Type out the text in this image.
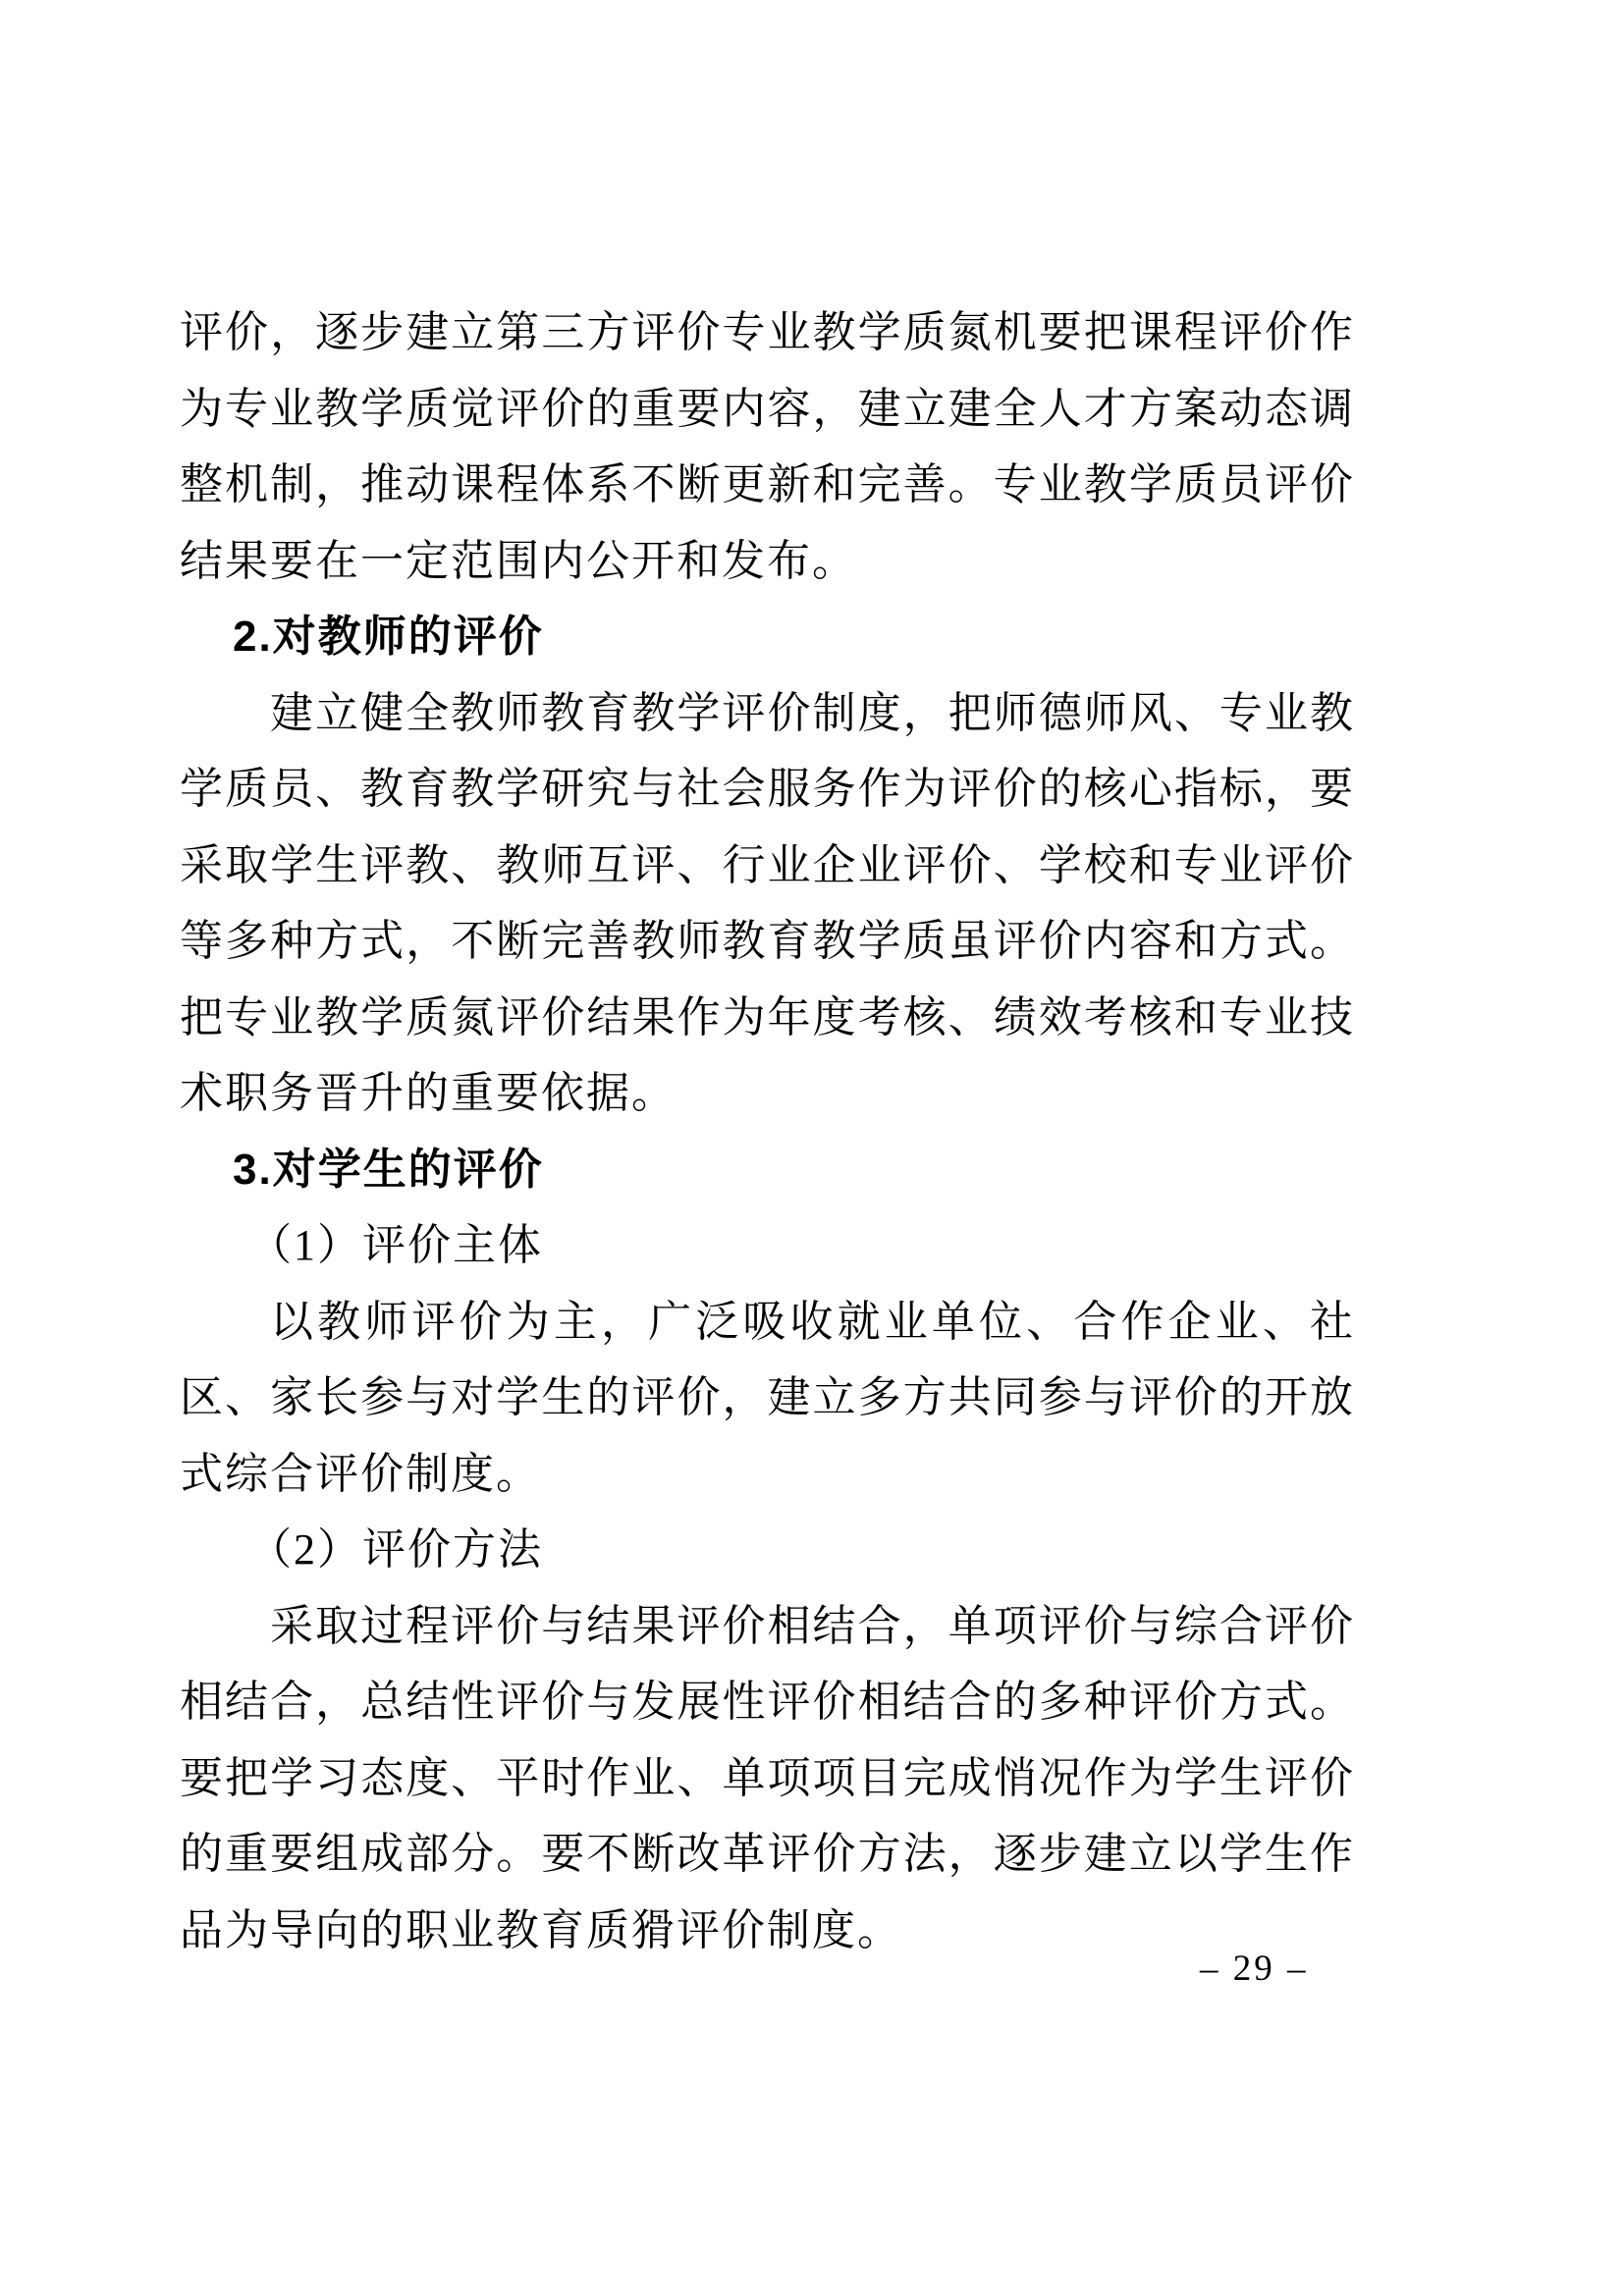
评价，逐步建立第三方评价专业教学质氮机要把课程评价作为专业教学质觉评价的重要内容，建立建全人才方案动态调整机制，推动课程体系不断更新和完善。专业教学质员评价结果要在一定范围内公开和发布。

2.对教师的评价

建立健全教师教育教学评价制度，把师德师风、专业教学质员、教育教学研究与社会服务作为评价的核心指标，要采取学生评教、教师互评、行业企业评价、学校和专业评价等多种方式，不断完善教师教育教学质虽评价内容和方式。把专业教学质氮评价结果作为年度考核、绩效考核和专业技术职务晋升的重要依据。

3.对学生的评价

（1）评价主体

以教师评价为主，广泛吸收就业单位、合作企业、社区、家长参与对学生的评价，建立多方共同参与评价的开放式综合评价制度。

（2）评价方法

采取过程评价与结果评价相结合，单项评价与综合评价相结合，总结性评价与发展性评价相结合的多种评价方式。要把学习态度、平时作业、单项项目完成悄况作为学生评价的重要组成部分。要不断改革评价方法，逐步建立以学生作品为导向的职业教育质猾评价制度。

– 29 –
